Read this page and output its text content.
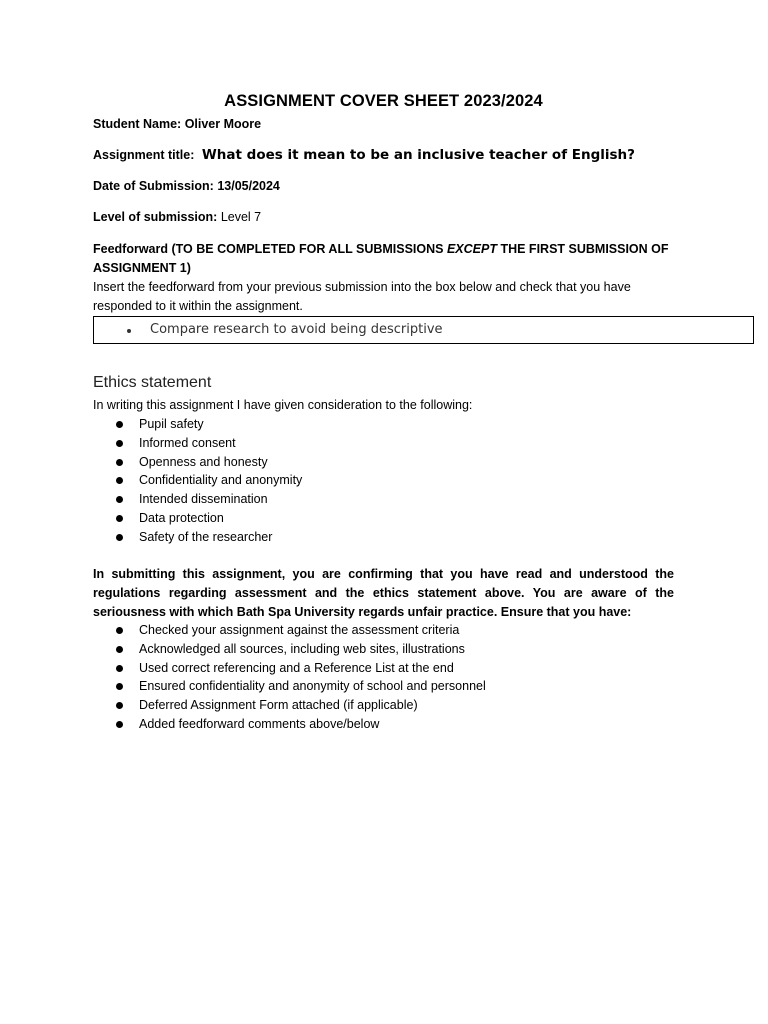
ASSIGNMENT COVER SHEET 2023/2024
Student Name: Oliver Moore
Assignment title: What does it mean to be an inclusive teacher of English?
Date of Submission: 13/05/2024
Level of submission: Level 7
Feedforward (TO BE COMPLETED FOR ALL SUBMISSIONS EXCEPT THE FIRST SUBMISSION OF ASSIGNMENT 1)
Insert the feedforward from your previous submission into the box below and check that you have responded to it within the assignment.
Compare research to avoid being descriptive
Ethics statement
In writing this assignment I have given consideration to the following:
Pupil safety
Informed consent
Openness and honesty
Confidentiality and anonymity
Intended dissemination
Data protection
Safety of the researcher
In submitting this assignment, you are confirming that you have read and understood the regulations regarding assessment and the ethics statement above. You are aware of the seriousness with which Bath Spa University regards unfair practice. Ensure that you have:
Checked your assignment against the assessment criteria
Acknowledged all sources, including web sites, illustrations
Used correct referencing and a Reference List at the end
Ensured confidentiality and anonymity of school and personnel
Deferred Assignment Form attached (if applicable)
Added feedforward comments above/below
